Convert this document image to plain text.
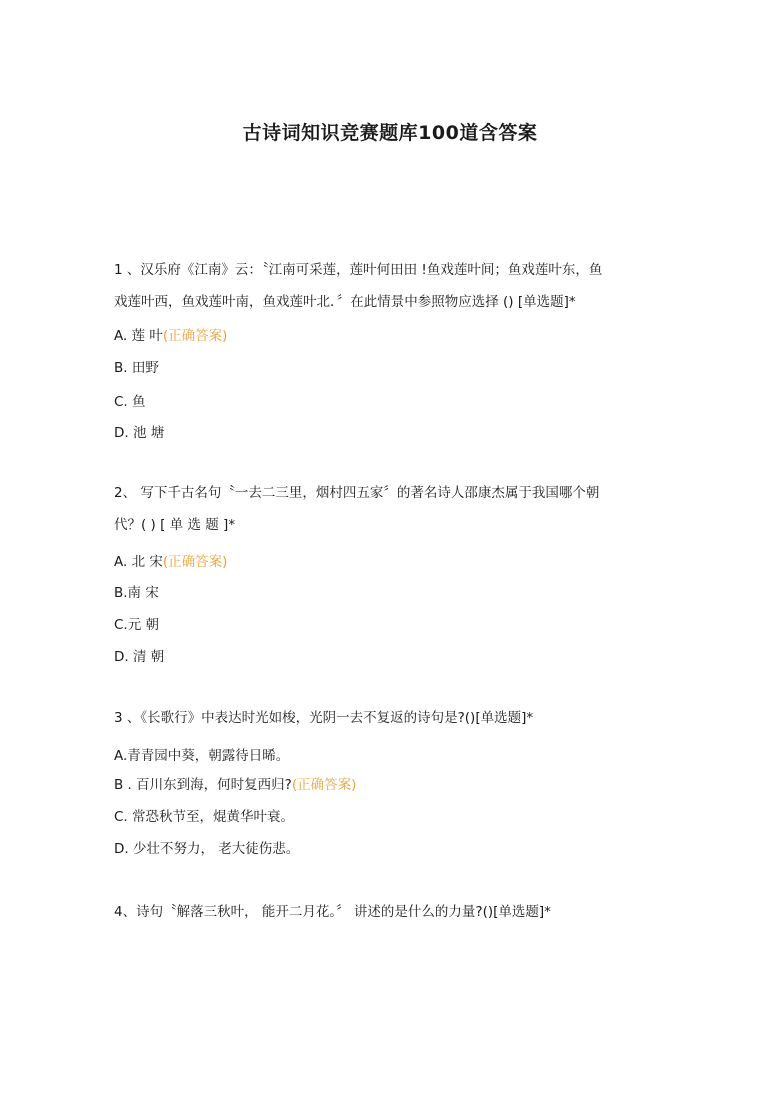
古诗词知识竞赛题库100道含答案

1 、汉乐府《江南》云：〝江南可采莲，莲叶何田田 !鱼戏莲叶间；鱼戏莲叶东，鱼

戏莲叶西，鱼戏莲叶南，鱼戏莲叶北．〞在此情景中参照物应选择 () [单选题]*

A. 莲 叶(正确答案)
B. 田野
C. 鱼
D. 池 塘

2、 写下千古名句〝一去二三里，烟村四五家〞的著名诗人邵康杰属于我国哪个朝

代？( ) [ 单 选 题 ]*

A. 北 宋(正确答案)
B.南 宋
C.元 朝
D. 清 朝

3 、《长歌行》中表达时光如梭，光阴一去不复返的诗句是?()[单选题]*

A.青青园中葵，朝露待日晞。
B . 百川东到海，何时复西归?(正确答案)
C. 常恐秋节至，焜黄华叶衰。
D. 少壮不努力， 老大徒伤悲。

4、诗句〝解落三秋叶， 能开二月花。〞 讲述的是什么的力量?()[单选题]*
